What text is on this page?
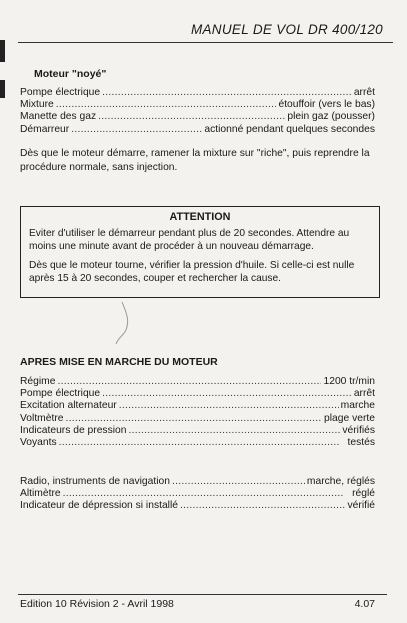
MANUEL DE VOL DR 400/120
Moteur "noyé"
Pompe électrique . . .	arrêt
Mixture . . .	étouffoir (vers le bas)
Manette des gaz . . .	plein gaz (pousser)
Démarreur . . .	actionné pendant quelques secondes
Dès que le moteur démarre, ramener la mixture sur "riche", puis reprendre la procédure normale, sans injection.
ATTENTION

Eviter d'utiliser le démarreur pendant plus de 20 secondes. Attendre au moins une minute avant de procéder à un nouveau démarrage.

Dès que le moteur tourne, vérifier la pression d'huile. Si celle-ci est nulle après 15 à 20 secondes, couper et rechercher la cause.

APRES MISE EN MARCHE DU MOTEUR
Régime . . .	1200 tr/min
Pompe électrique . . .	arrêt
Excitation alternateur . . .	marche
Voltmètre . . .	plage verte
Indicateurs de pression . . .	vérifiés
Voyants . . .	testés
Radio, instruments de navigation . . .	marche, réglés
Altimètre . . .	réglé
Indicateur de dépression si installé . . .	vérifié
Edition 10 Révision 2 - Avril 1998	4.07
